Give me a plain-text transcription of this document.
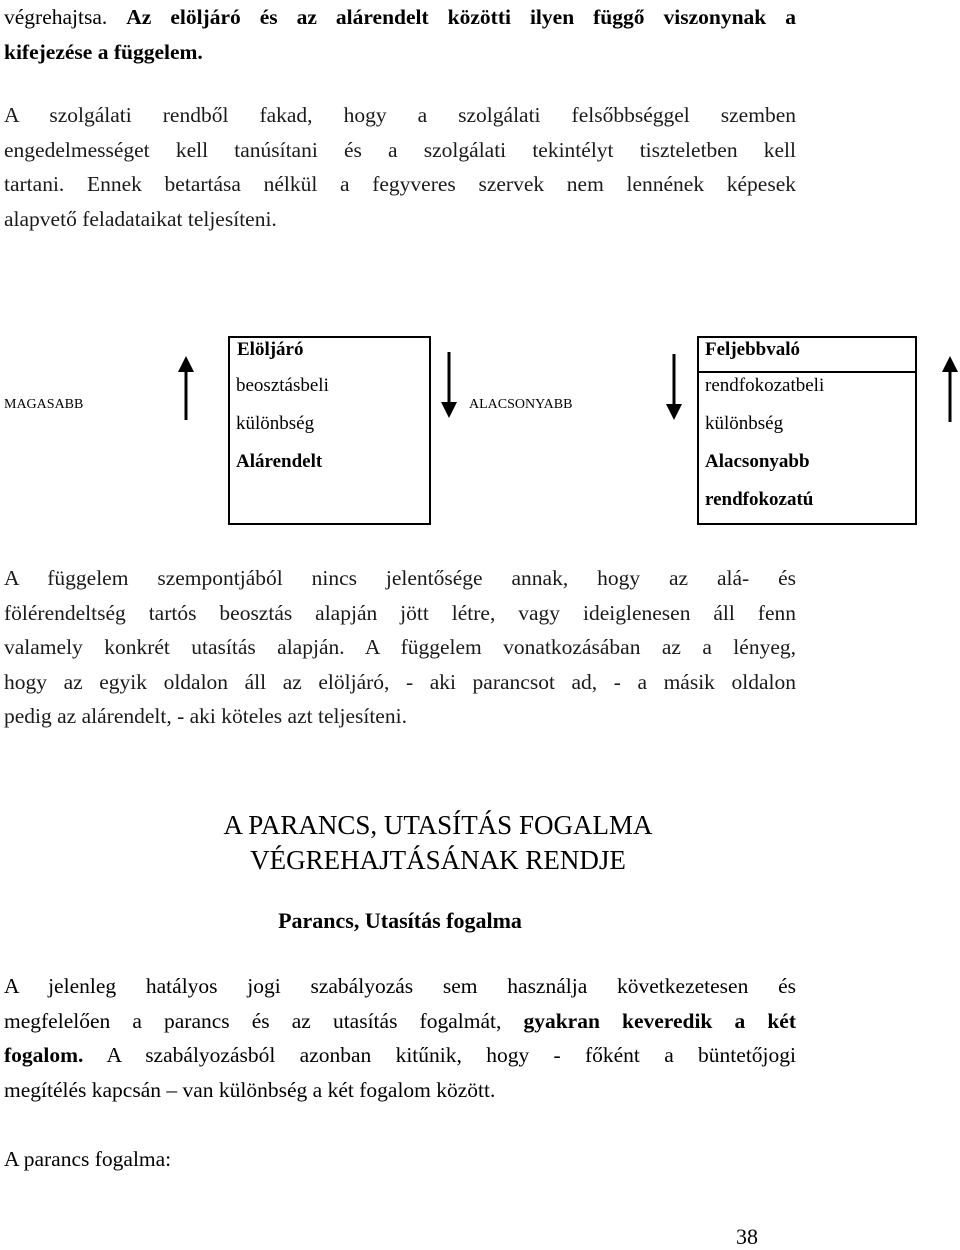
végrehajtsa. Az elöljáró és az alárendelt közötti ilyen függő viszonynak a
kifejezése a függelem.
A szolgálati rendből fakad, hogy a szolgálati felsőbbséggel szemben
engedelmességet kell tanúsítani és a szolgálati tekintélyt tiszteletben kell
tartani. Ennek betartása nélkül a fegyveres szervek nem lennének képesek
alapvető feladataikat teljesíteni.
MAGASABB
Elöljáró
beosztásbeli
különbség
Alárendelt
ALACSONYABB
Feljebbvaló
rendfokozatbeli
különbség
Alacsonyabb
rendfokozatú
A függelem szempontjából nincs jelentősége annak, hogy az alá- és
fölérendeltség tartós beosztás alapján jött létre, vagy ideiglenesen áll fenn
valamely konkrét utasítás alapján. A függelem vonatkozásában az a lényeg,
hogy az egyik oldalon áll az elöljáró, - aki parancsot ad, - a másik oldalon
pedig az alárendelt, - aki köteles azt teljesíteni.
A PARANCS, UTASÍTÁS FOGALMA
VÉGREHAJTÁSÁNAK RENDJE
Parancs, Utasítás fogalma
A jelenleg hatályos jogi szabályozás sem használja következetesen és
megfelelően a parancs és az utasítás fogalmát, gyakran keveredik a két
fogalom. A szabályozásból azonban kitűnik, hogy - főként a büntetőjogi
megítélés kapcsán – van különbség a két fogalom között.
A parancs fogalma:
38
